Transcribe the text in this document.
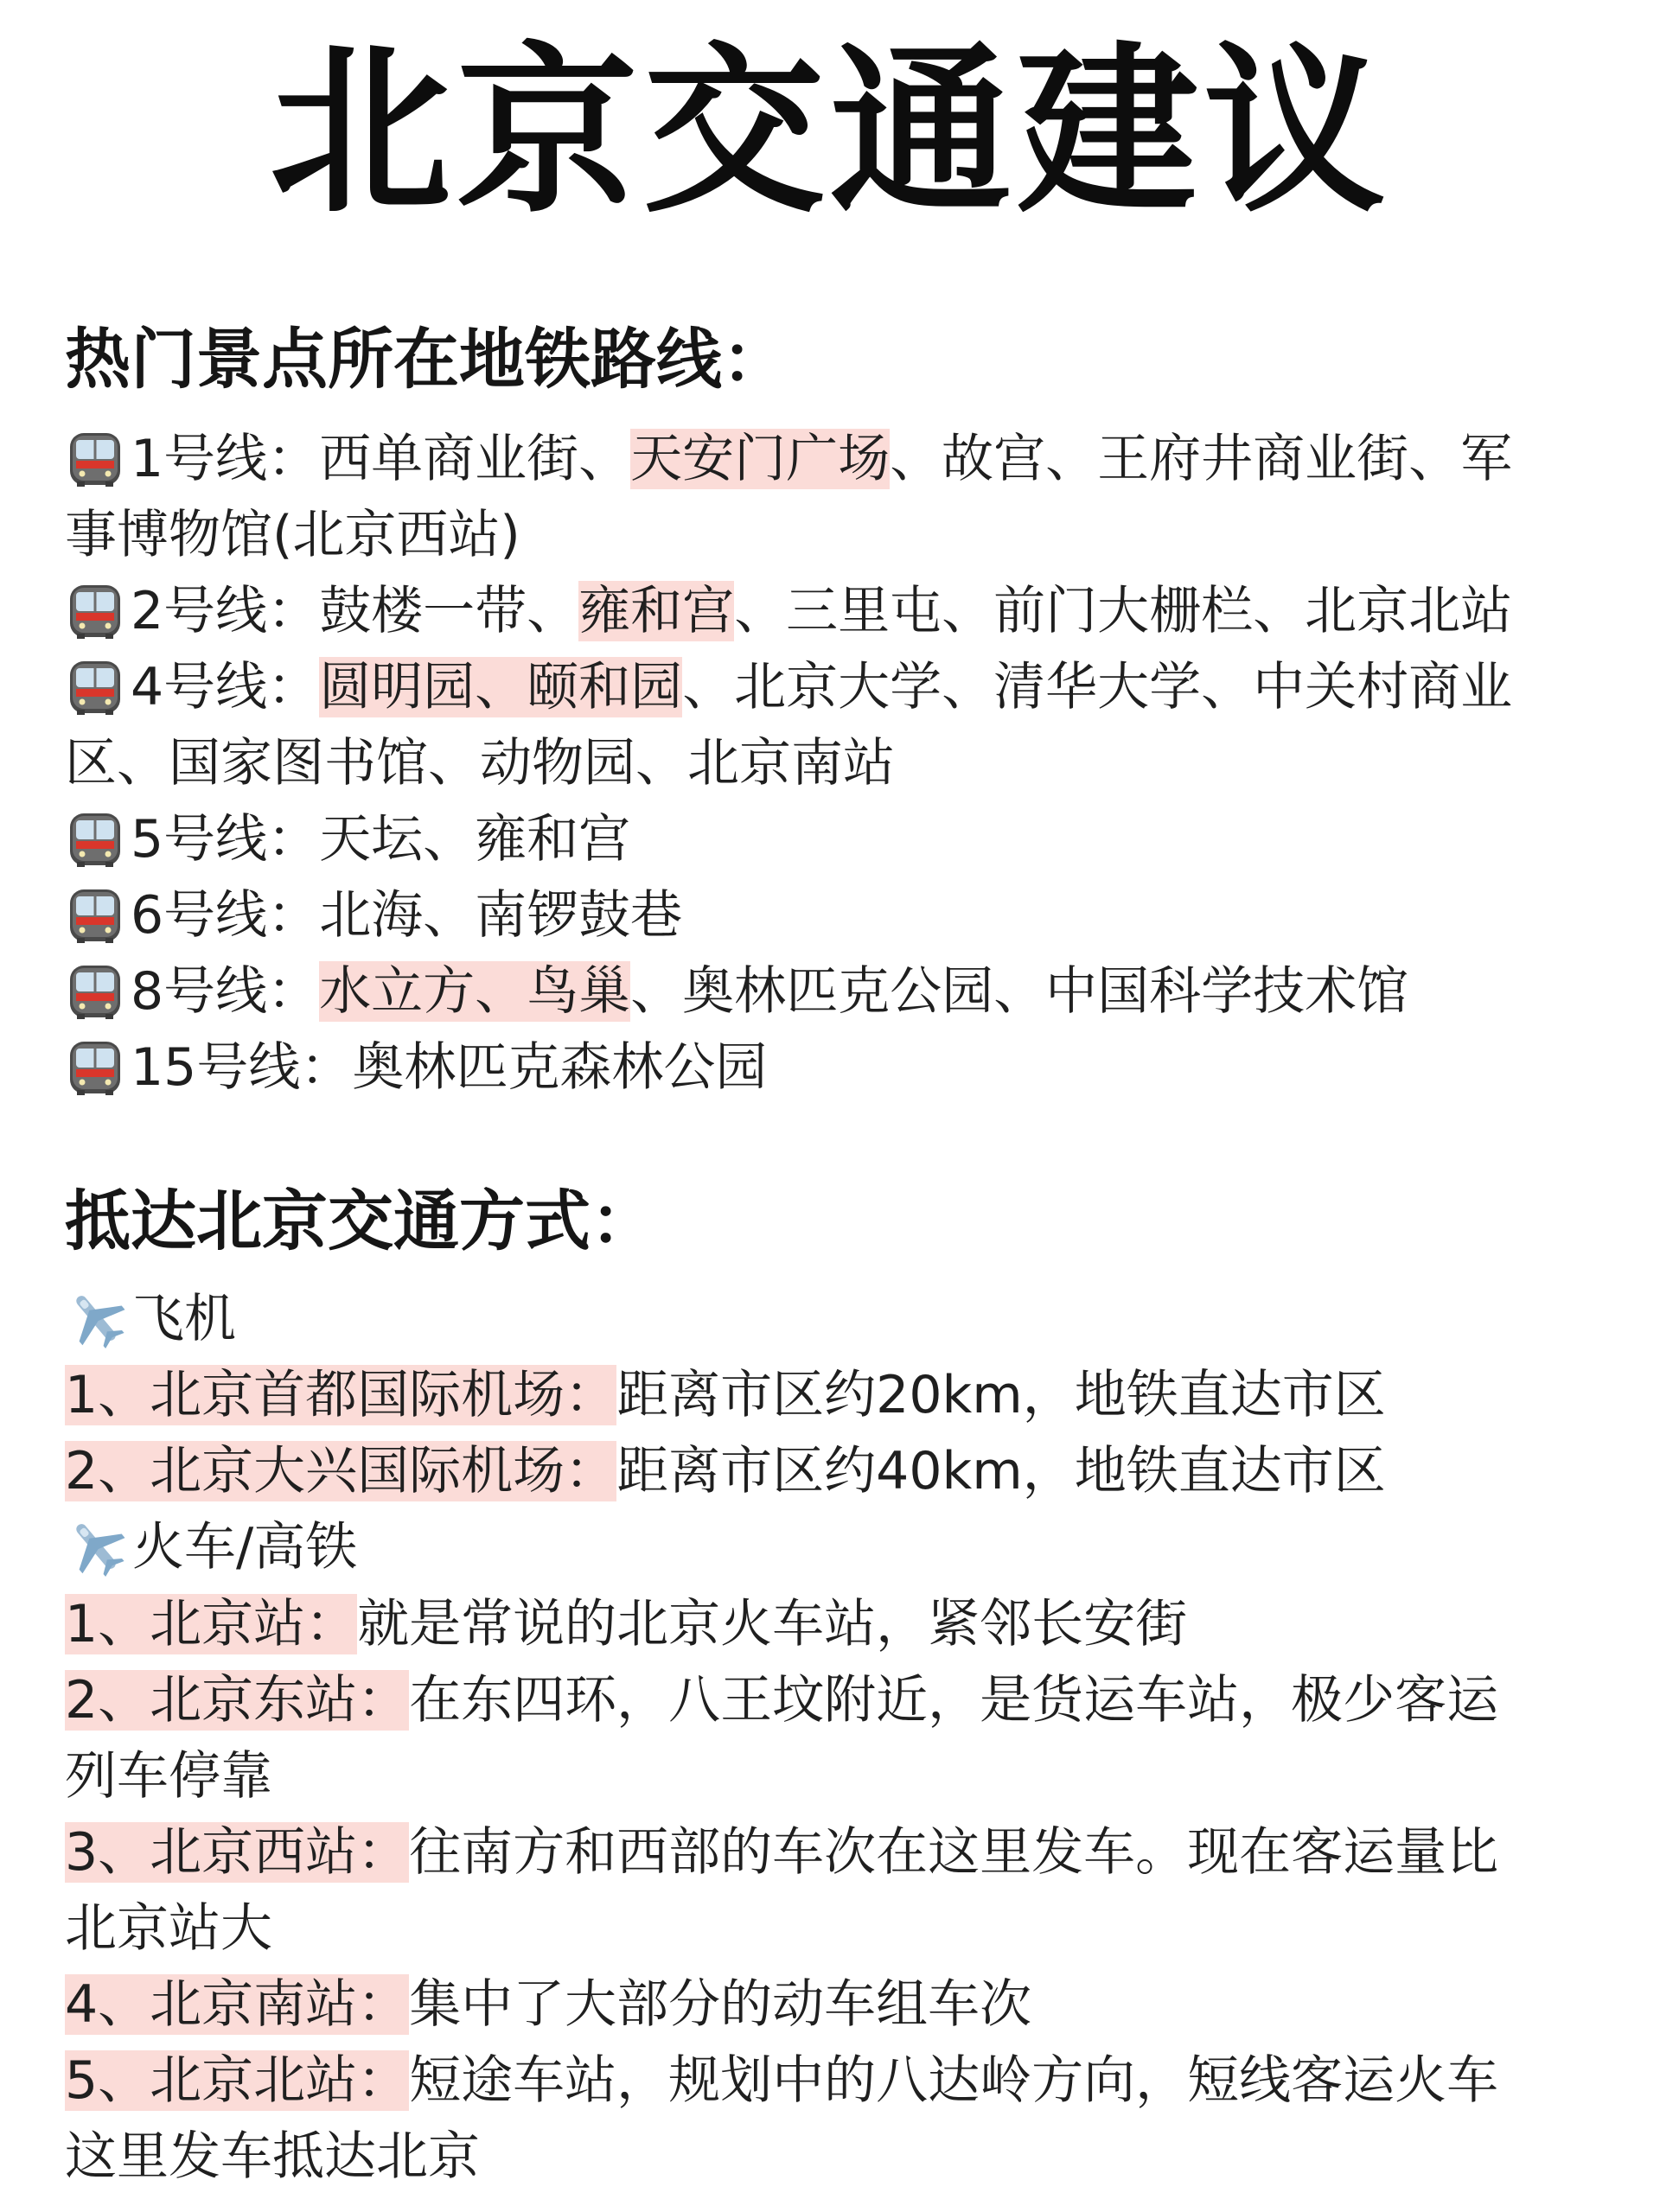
北京交通建议
热门景点所在地铁路线：
1号线：西单商业街、天安门广场、故宫、王府井商业街、军
事博物馆(北京西站)
2号线：鼓楼一带、雍和宫、三里屯、前门大栅栏、北京北站
4号线：圆明园、颐和园、北京大学、清华大学、中关村商业
区、国家图书馆、动物园、北京南站
5号线：天坛、雍和宫
6号线：北海、南锣鼓巷
8号线：水立方、鸟巢、奥林匹克公园、中国科学技术馆
15号线：奥林匹克森林公园
抵达北京交通方式：
飞机
1、北京首都国际机场：距离市区约20km，地铁直达市区
2、北京大兴国际机场：距离市区约40km，地铁直达市区
火车/高铁
1、北京站：就是常说的北京火车站，紧邻长安街
2、北京东站：在东四环，八王坟附近，是货运车站，极少客运
列车停靠
3、北京西站：往南方和西部的车次在这里发车。现在客运量比
北京站大
4、北京南站：集中了大部分的动车组车次
5、北京北站：短途车站，规划中的八达岭方向，短线客运火车
这里发车抵达北京
